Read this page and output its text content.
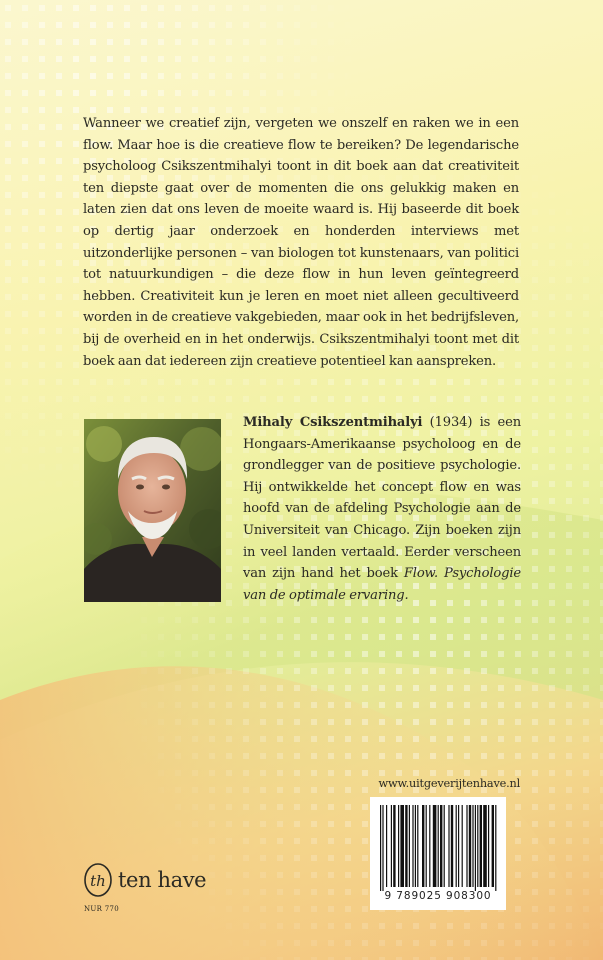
Wanneer we creatief zijn, vergeten we onszelf en raken we in een flow. Maar hoe is die creatieve flow te bereiken? De legendarische psycholoog Csikszentmihalyi toont in dit boek aan dat creativiteit ten diepste gaat over de momenten die ons gelukkig maken en laten zien dat ons leven de moeite waard is. Hij baseerde dit boek op dertig jaar onderzoek en honderden interviews met uitzonderlijke personen – van biologen tot kunstenaars, van politici tot natuurkundigen – die deze flow in hun leven geïntegreerd hebben. Creativiteit kun je leren en moet niet alleen gecultiveerd worden in de creatieve vakgebieden, maar ook in het bedrijfsleven, bij de overheid en in het onderwijs. Csikszentmihalyi toont met dit boek aan dat iedereen zijn creatieve potentieel kan aanspreken.

Mihaly Csikszentmihalyi (1934) is een Hongaars-Amerikaanse psycholoog en de grondlegger van de positieve psychologie. Hij ontwikkelde het concept flow en was hoofd van de afdeling Psychologie aan de Universiteit van Chicago. Zijn boeken zijn in veel landen vertaald. Eerder verscheen van zijn hand het boek Flow. Psychologie van de optimale ervaring.

www.uitgeverijtenhave.nl
9 789025 908300
th ten have
NUR 770
